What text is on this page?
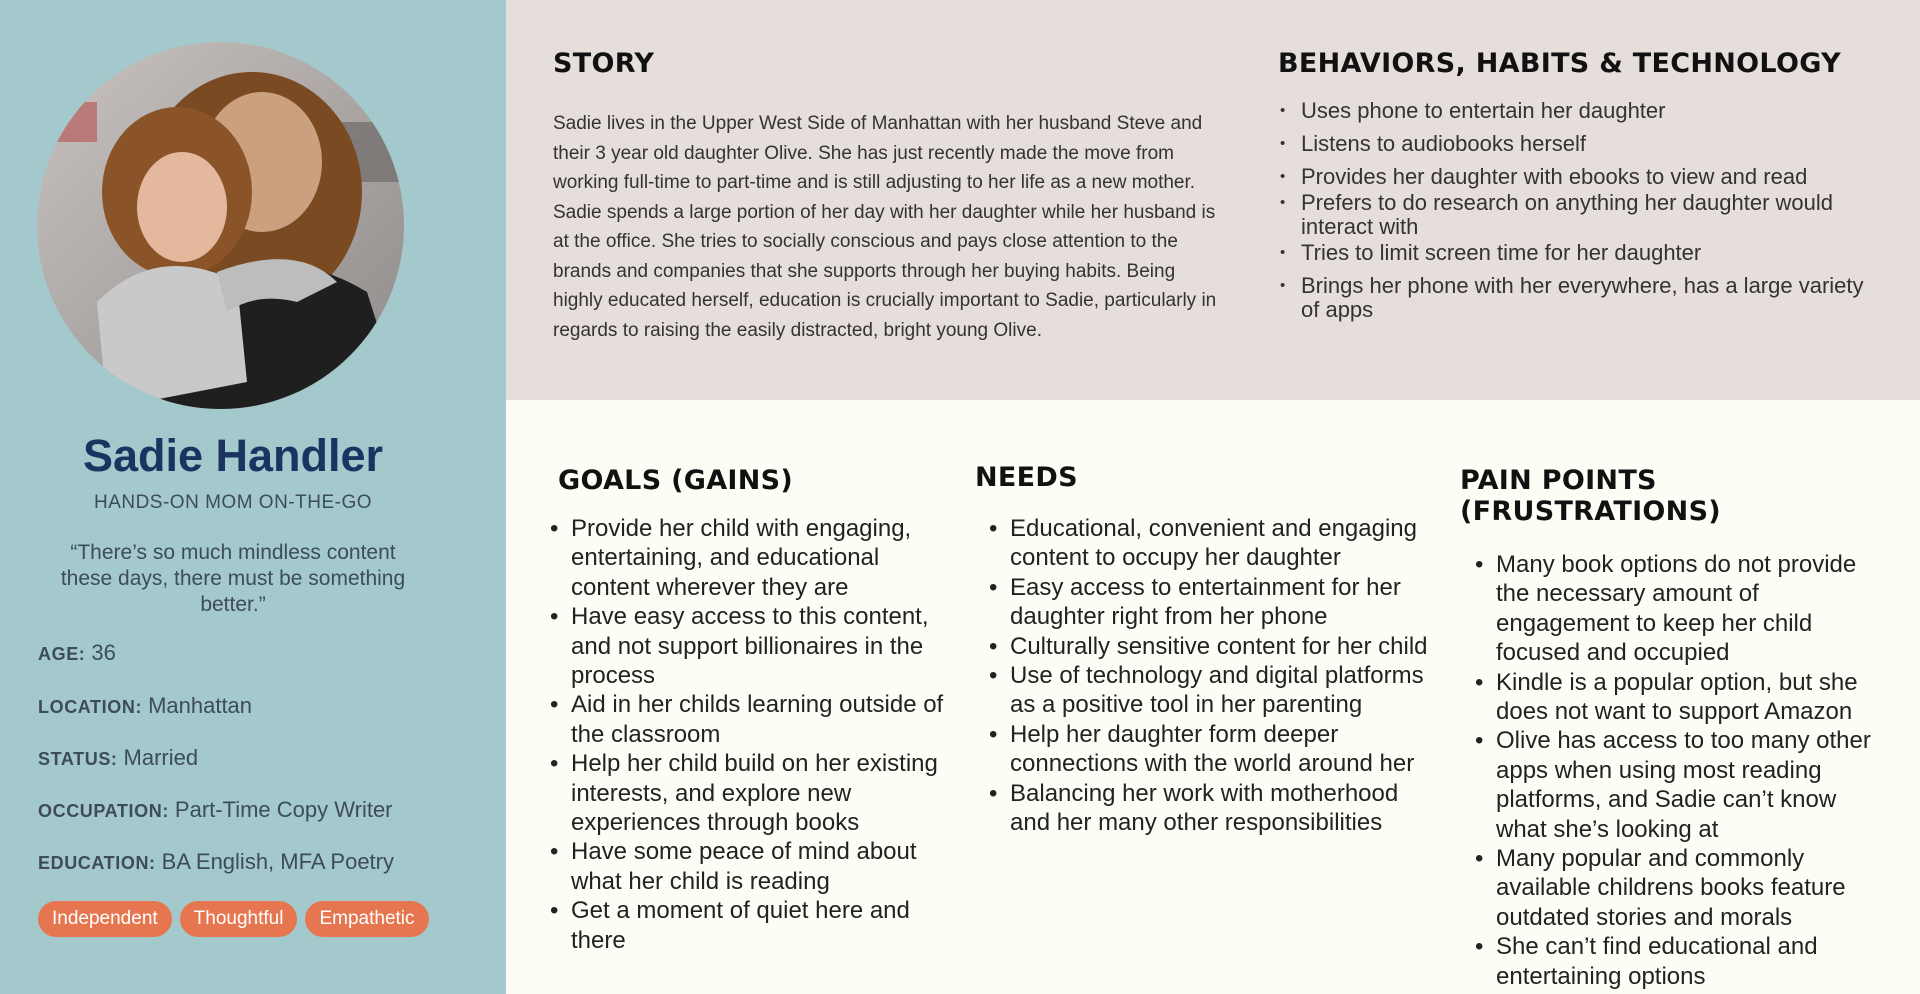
Sadie Handler
HANDS-ON MOM ON-THE-GO
“There’s so much mindless content these days, there must be something better.”
AGE: 36
LOCATION: Manhattan
STATUS: Married
OCCUPATION: Part-Time Copy Writer
EDUCATION: BA English, MFA Poetry
Independent	Thoughtful	Empathetic
STORY

Sadie lives in the Upper West Side of Manhattan with her husband Steve and their 3 year old daughter Olive. She has just recently made the move from working full-time to part-time and is still adjusting to her life as a new mother. Sadie spends a large portion of her day with her daughter while her husband is at the office. She tries to socially conscious and pays close attention to the brands and companies that she supports through her buying habits. Being highly educated herself, education is crucially important to Sadie, particularly in regards to raising the easily distracted, bright young Olive.

BEHAVIORS, HABITS & TECHNOLOGY
• Uses phone to entertain her daughter
• Listens to audiobooks herself
• Provides her daughter with ebooks to view and read
• Prefers to do research on anything her daughter would interact with
• Tries to limit screen time for her daughter
• Brings her phone with her everywhere, has a large variety of apps
GOALS (GAINS)
• Provide her child with engaging, entertaining, and educational content wherever they are
• Have easy access to this content, and not support billionaires in the process
• Aid in her childs learning outside of the classroom
• Help her child build on her existing interests, and explore new experiences through books
• Have some peace of mind about what her child is reading
• Get a moment of quiet here and there
NEEDS
• Educational, convenient and engaging content to occupy her daughter
• Easy access to entertainment for her daughter right from her phone
• Culturally sensitive content for her child
• Use of technology and digital platforms as a positive tool in her parenting
• Help her daughter form deeper connections with the world around her
• Balancing her work with motherhood and her many other responsibilities
PAIN POINTS (FRUSTRATIONS)
• Many book options do not provide the necessary amount of engagement to keep her child focused and occupied
• Kindle is a popular option, but she does not want to support Amazon
• Olive has access to too many other apps when using most reading platforms, and Sadie can’t know what she’s looking at
• Many popular and commonly available childrens books feature outdated stories and morals
• She can’t find educational and entertaining options
